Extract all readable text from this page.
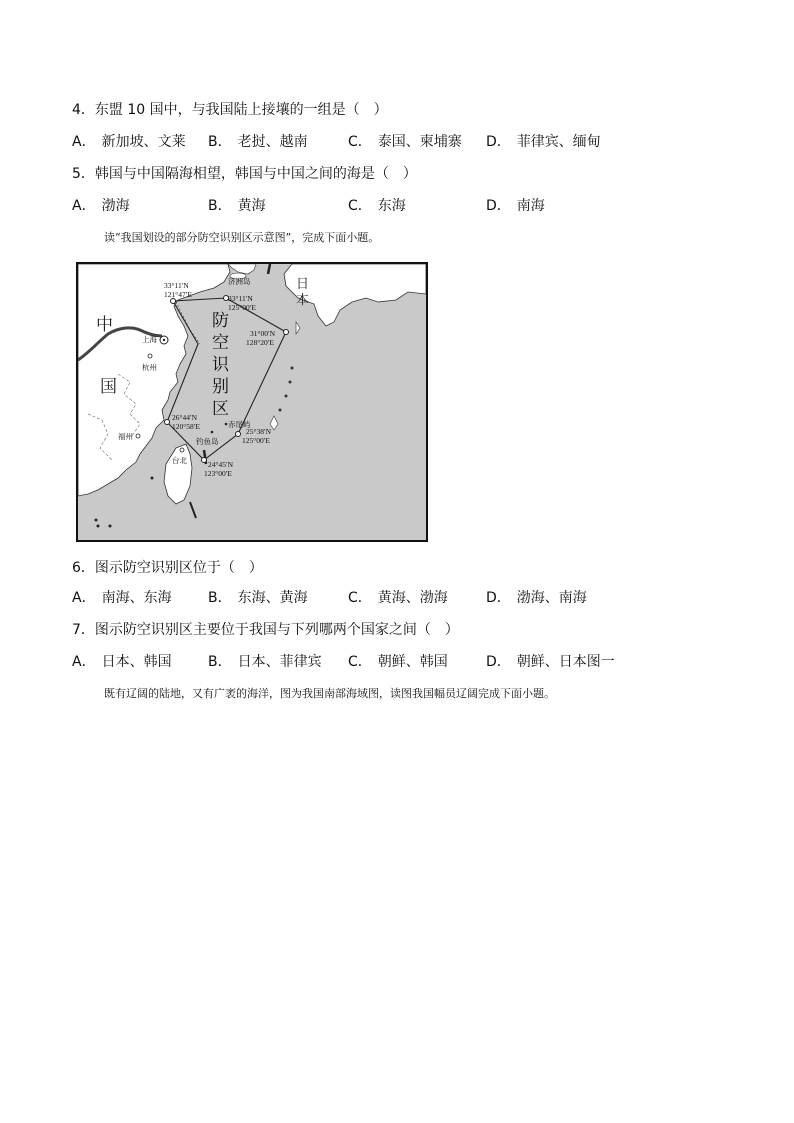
4．东盟 10 国中，与我国陆上接壤的一组是（　）
A． 新加坡、文莱 B． 老挝、越南	C． 泰国、柬埔寨 D． 菲律宾、缅甸
5．韩国与中国隔海相望，韩国与中国之间的海是（　）
A． 渤海	B． 黄海	C． 东海	D． 南海
读“我国划设的部分防空识别区示意图”，完成下面小题。
中
国
日
本
防
空
识
别
区
济洲岛
上海
杭州
福州
台北
赤尾屿
钓鱼岛
33°11′N
121°47′E	33°11′N
125°00′E
31°00′N
128°20′E
25°38′N
125°00′E
24°45′N
123°00′E
26°44′N
120°58′E
6．图示防空识别区位于（　）
A． 南海、东海	B． 东海、黄海	C． 黄海、渤海	D． 渤海、南海
7．图示防空识别区主要位于我国与下列哪两个国家之间（　）
A． 日本、韩国	B． 日本、菲律宾 C． 朝鲜、韩国	D． 朝鲜、日本图一
既有辽阔的陆地，又有广袤的海洋，图为我国南部海域图，读图我国幅员辽阔完成下面小题。
